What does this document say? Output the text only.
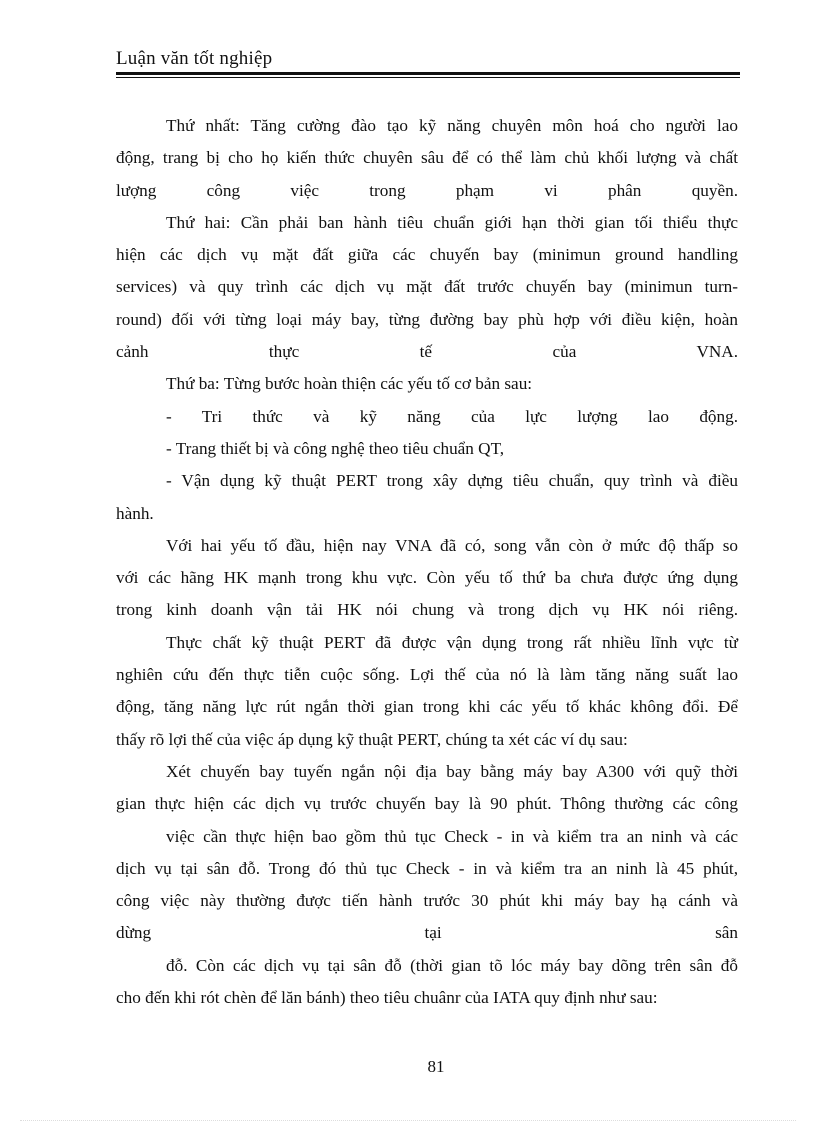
Luận văn tốt nghiệp
Thứ nhất: Tăng cường đào tạo kỹ năng chuyên môn hoá cho người lao
động, trang bị cho họ kiến thức chuyên sâu để có thể làm chủ khối lượng và chất
lượng công việc trong phạm vi phân quyền.
Thứ hai: Cần phải ban hành tiêu chuẩn giới hạn thời gian tối thiểu thực
hiện các dịch vụ mặt đất giữa các chuyến bay (minimun ground handling
services) và quy trình các dịch vụ mặt đất trước chuyến bay (minimun turn-
round) đối với từng loại máy bay, từng đường bay phù hợp với điều kiện, hoàn
cảnh thực tế của VNA.
Thứ ba: Từng bước hoàn thiện các yếu tố cơ bản sau:
- Tri thức và kỹ năng của lực lượng lao động.
- Trang thiết bị và công nghệ theo tiêu chuẩn QT,
- Vận dụng kỹ thuật PERT trong xây dựng tiêu chuẩn, quy trình và điều
hành.
Với hai yếu tố đầu, hiện nay VNA đã có, song vẫn còn ở mức độ thấp so
với các hãng HK mạnh trong khu vực. Còn yếu tố thứ ba chưa được ứng dụng
trong kinh doanh vận tải HK nói chung và trong dịch vụ HK nói riêng.
Thực chất kỹ thuật PERT đã được vận dụng trong rất nhiều lĩnh vực từ
nghiên cứu đến thực tiễn cuộc sống. Lợi thế của nó là làm tăng năng suất lao
động, tăng năng lực rút ngắn thời gian trong khi các yếu tố khác không đổi. Để
thấy rõ lợi thế của việc áp dụng kỹ thuật PERT, chúng ta xét các ví dụ sau:
Xét chuyến bay tuyến ngắn nội địa bay bằng máy bay A300 với quỹ thời
gian thực hiện các dịch vụ trước chuyến bay là 90 phút. Thông thường các công
việc cần thực hiện bao gồm thủ tục Check - in và kiểm tra an ninh và các
dịch vụ tại sân đỗ. Trong đó thủ tục Check - in và kiểm tra an ninh là 45 phút,
công việc này thường được tiến hành trước 30 phút khi máy bay hạ cánh và
dừng tại sân
đỗ. Còn các dịch vụ tại sân đỗ (thời gian tõ lóc máy bay dõng trên sân đỗ
cho đến khi rót chèn để lăn bánh) theo tiêu chuânr của IATA quy định như sau:
81
